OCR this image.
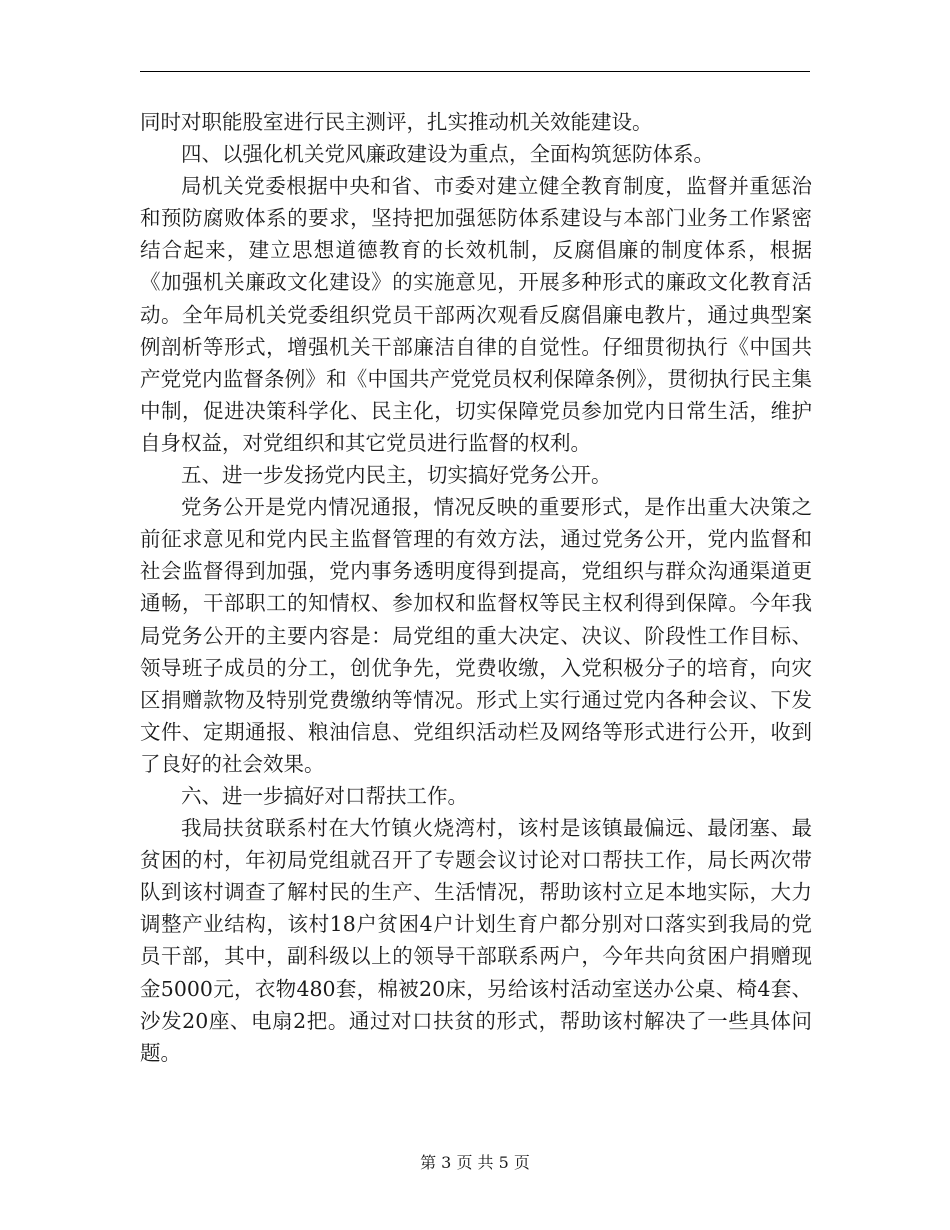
同时对职能股室进行民主测评，扎实推动机关效能建设。

四、以强化机关党风廉政建设为重点，全面构筑惩防体系。

局机关党委根据中央和省、市委对建立健全教育制度，监督并重惩治和预防腐败体系的要求，坚持把加强惩防体系建设与本部门业务工作紧密结合起来，建立思想道德教育的长效机制，反腐倡廉的制度体系，根据《加强机关廉政文化建设》的实施意见，开展多种形式的廉政文化教育活动。全年局机关党委组织党员干部两次观看反腐倡廉电教片，通过典型案例剖析等形式，增强机关干部廉洁自律的自觉性。仔细贯彻执行《中国共产党党内监督条例》和《中国共产党党员权利保障条例》，贯彻执行民主集中制，促进决策科学化、民主化，切实保障党员参加党内日常生活，维护自身权益，对党组织和其它党员进行监督的权利。

五、进一步发扬党内民主，切实搞好党务公开。

党务公开是党内情况通报，情况反映的重要形式，是作出重大决策之前征求意见和党内民主监督管理的有效方法，通过党务公开，党内监督和社会监督得到加强，党内事务透明度得到提高，党组织与群众沟通渠道更通畅，干部职工的知情权、参加权和监督权等民主权利得到保障。今年我局党务公开的主要内容是：局党组的重大决定、决议、阶段性工作目标、领导班子成员的分工，创优争先，党费收缴，入党积极分子的培育，向灾区捐赠款物及特别党费缴纳等情况。形式上实行通过党内各种会议、下发文件、定期通报、粮油信息、党组织活动栏及网络等形式进行公开，收到了良好的社会效果。

六、进一步搞好对口帮扶工作。

我局扶贫联系村在大竹镇火烧湾村，该村是该镇最偏远、最闭塞、最贫困的村，年初局党组就召开了专题会议讨论对口帮扶工作，局长两次带队到该村调查了解村民的生产、生活情况，帮助该村立足本地实际，大力调整产业结构，该村18户贫困4户计划生育户都分别对口落实到我局的党员干部，其中，副科级以上的领导干部联系两户，今年共向贫困户捐赠现金5000元，衣物480套，棉被20床，另给该村活动室送办公桌、椅4套、沙发20座、电扇2把。通过对口扶贫的形式，帮助该村解决了一些具体问题。

第 3 页 共 5 页
